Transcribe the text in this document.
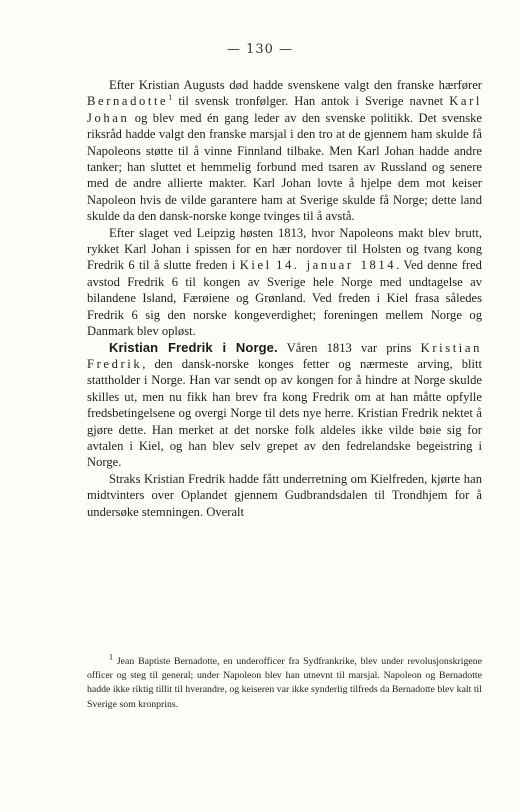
— 130 —

Efter Kristian Augusts død hadde svenskene valgt den franske hærfører Bernadotte$^1$ til svensk tronfølger. Han antok i Sverige navnet Karl Johan og blev med én gang leder av den svenske politikk. Det svenske riksråd hadde valgt den franske marsjal i den tro at de gjennem ham skulde få Napoleons støtte til å vinne Finnland tilbake. Men Karl Johan hadde andre tanker; han sluttet et hemmelig forbund med tsaren av Russland og senere med de andre allierte makter. Karl Johan lovte å hjelpe dem mot keiser Napoleon hvis de vilde garantere ham at Sverige skulde få Norge; dette land skulde da den dansk-norske konge tvinges til å avstå.

Efter slaget ved Leipzig høsten 1813, hvor Napoleons makt blev brutt, rykket Karl Johan i spissen for en hær nordover til Holsten og tvang kong Fredrik 6 til å slutte freden i Kiel 14. januar 1814. Ved denne fred avstod Fredrik 6 til kongen av Sverige hele Norge med undtagelse av bilandene Island, Færøiene og Grønland. Ved freden i Kiel frasa således Fredrik 6 sig den norske kongeverdighet; foreningen mellem Norge og Danmark blev opløst.

Kristian Fredrik i Norge. Våren 1813 var prins Kristian Fredrik, den dansk-norske konges fetter og nærmeste arving, blitt stattholder i Norge. Han var sendt op av kongen for å hindre at Norge skulde skilles ut, men nu fikk han brev fra kong Fredrik om at han måtte opfylle fredsbetingelsene og overgi Norge til dets nye herre. Kristian Fredrik nektet å gjøre dette. Han merket at det norske folk aldeles ikke vilde bøie sig for avtalen i Kiel, og han blev selv grepet av den fedrelandske begeistring i Norge.

Straks Kristian Fredrik hadde fått underretning om Kielfreden, kjørte han midtvinters over Oplandet gjennem Gudbrandsdalen til Trondhjem for å undersøke stemningen. Overalt

$^1$ Jean Baptiste Bernadotte, en underofficer fra Sydfrankrike, blev under revolusjonskrigene officer og steg til general; under Napoleon blev han utnevnt til marsjal. Napoleon og Bernadotte hadde ikke riktig tillit til hverandre, og keiseren var ikke synderlig tilfreds da Bernadotte blev kalt til Sverige som kronprins.
